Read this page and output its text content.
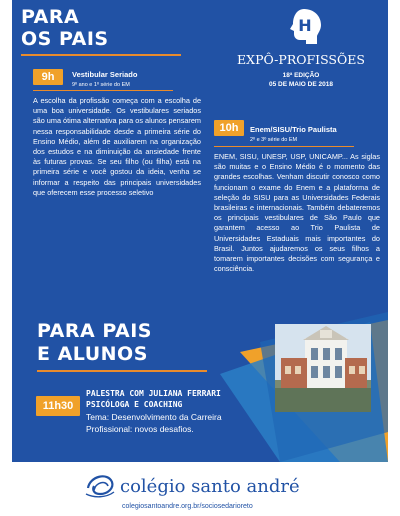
PARA
OS PAIS
9h	Vestibular Seriado
9º ano e 1º série do EM
A escolha da profissão começa com a escolha de uma boa universidade. Os vestibulares seriados são uma ótima alternativa para os alunos pensarem nessa responsabilidade desde a primeira série do Ensino Médio, além de auxiliarem na organização dos estudos e na diminuição da ansiedade frente às futuras provas. Se seu filho (ou filha) está na primeira série e você gostou da ideia, venha se informar a respeito das principais universidades que oferecem esse processo seletivo
H
EXPÔ-PROFISSÕES
18ª EDIÇÃO
05 DE MAIO DE 2018
10h	Enem/SISU/Trio Paulista
2º e 3º série do EM
ENEM, SISU, UNESP, USP, UNICAMP... As siglas são muitas e o Ensino Médio é o momento das grandes escolhas. Venham discutir conosco como funcionam o exame do Enem e a plataforma de seleção do SISU para as Universidades Federais brasileiras e internacionais. Também debateremos os principais vestibulares de São Paulo que garantem acesso ao Trio Paulista de Universidades Estaduais mais importantes do Brasil. Juntos ajudaremos os seus filhos a tomarem importantes decisões com segurança e consciência.
PARA PAIS
E ALUNOS
11h30
PALESTRA COM JULIANA FERRARI
PSICÓLOGA E COACHING
Tema: Desenvolvimento da Carreira
Profissional: novos desafios.
colégio santo andré
colegiosantoandre.org.br/sociosedarioreto
